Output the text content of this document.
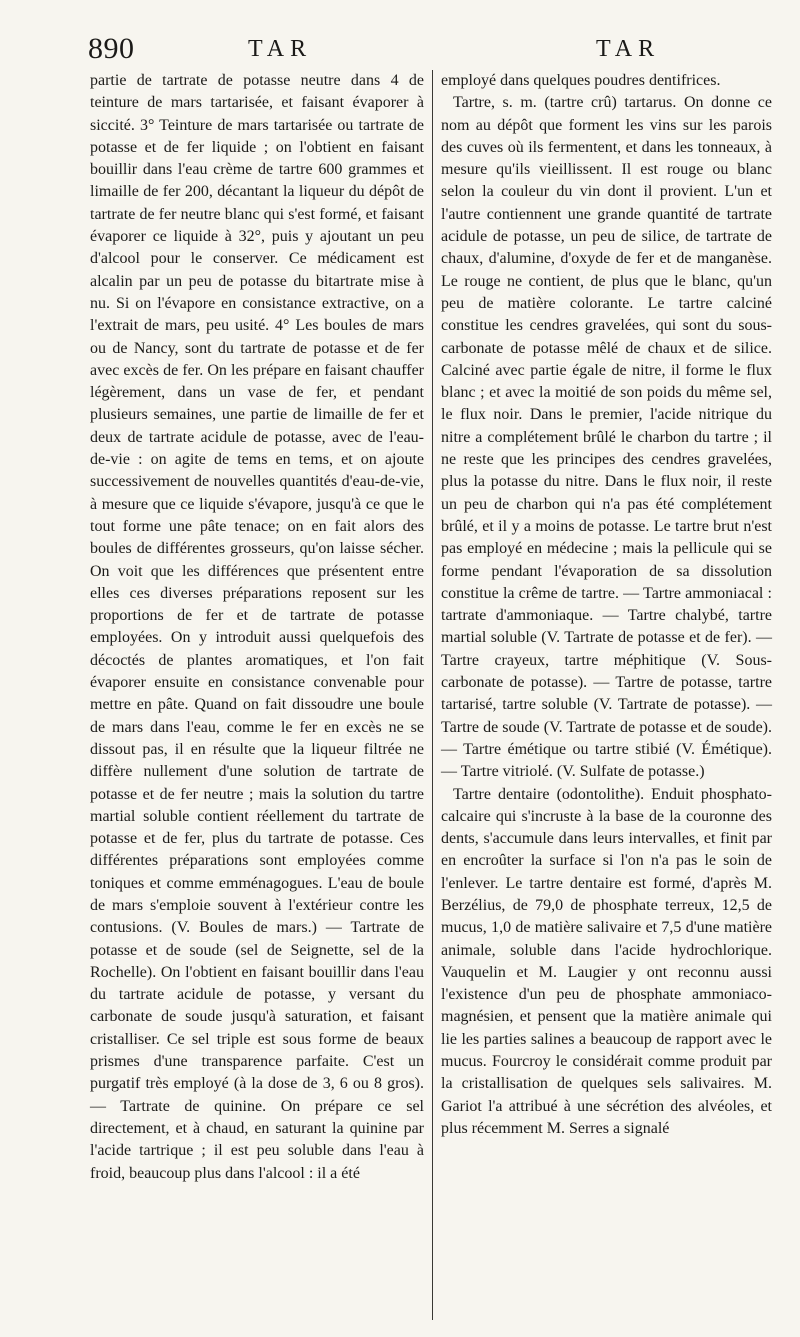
890	TAR	TAR

partie de tartrate de potasse neutre dans 4 de teinture de mars tartarisée, et faisant évaporer à siccité. 3° Teinture de mars tartarisée ou tartrate de potasse et de fer liquide ; on l'obtient en faisant bouillir dans l'eau crème de tartre 600 grammes et limaille de fer 200, décantant la liqueur du dépôt de tartrate de fer neutre blanc qui s'est formé, et faisant évaporer ce liquide à 32°, puis y ajoutant un peu d'alcool pour le conserver. Ce médicament est alcalin par un peu de potasse du bitartrate mise à nu. Si on l'évapore en consistance extractive, on a l'extrait de mars, peu usité. 4° Les boules de mars ou de Nancy, sont du tartrate de potasse et de fer avec excès de fer. On les prépare en faisant chauffer légèrement, dans un vase de fer, et pendant plusieurs semaines, une partie de limaille de fer et deux de tartrate acidule de potasse, avec de l'eau-de-vie : on agite de tems en tems, et on ajoute successivement de nouvelles quantités d'eau-de-vie, à mesure que ce liquide s'évapore, jusqu'à ce que le tout forme une pâte tenace; on en fait alors des boules de différentes grosseurs, qu'on laisse sécher. On voit que les différences que présentent entre elles ces diverses préparations reposent sur les proportions de fer et de tartrate de potasse employées. On y introduit aussi quelquefois des décoctés de plantes aromatiques, et l'on fait évaporer ensuite en consistance convenable pour mettre en pâte. Quand on fait dissoudre une boule de mars dans l'eau, comme le fer en excès ne se dissout pas, il en résulte que la liqueur filtrée ne diffère nullement d'une solution de tartrate de potasse et de fer neutre ; mais la solution du tartre martial soluble contient réellement du tartrate de potasse et de fer, plus du tartrate de potasse. Ces différentes préparations sont employées comme toniques et comme emménagogues. L'eau de boule de mars s'emploie souvent à l'extérieur contre les contusions. (V. Boules de mars.) — Tartrate de potasse et de soude (sel de Seignette, sel de la Rochelle). On l'obtient en faisant bouillir dans l'eau du tartrate acidule de potasse, y versant du carbonate de soude jusqu'à saturation, et faisant cristalliser. Ce sel triple est sous forme de beaux prismes d'une transparence parfaite. C'est un purgatif très employé (à la dose de 3, 6 ou 8 gros). — Tartrate de quinine. On prépare ce sel directement, et à chaud, en saturant la quinine par l'acide tartrique ; il est peu soluble dans l'eau à froid, beaucoup plus dans l'alcool : il a été

employé dans quelques poudres dentifrices.

Tartre, s. m. (tartre crû) tartarus. On donne ce nom au dépôt que forment les vins sur les parois des cuves où ils fermentent, et dans les tonneaux, à mesure qu'ils vieillissent. Il est rouge ou blanc selon la couleur du vin dont il provient. L'un et l'autre contiennent une grande quantité de tartrate acidule de potasse, un peu de silice, de tartrate de chaux, d'alumine, d'oxyde de fer et de manganèse. Le rouge ne contient, de plus que le blanc, qu'un peu de matière colorante. Le tartre calciné constitue les cendres gravelées, qui sont du sous-carbonate de potasse mêlé de chaux et de silice. Calciné avec partie égale de nitre, il forme le flux blanc ; et avec la moitié de son poids du même sel, le flux noir. Dans le premier, l'acide nitrique du nitre a complétement brûlé le charbon du tartre ; il ne reste que les principes des cendres gravelées, plus la potasse du nitre. Dans le flux noir, il reste un peu de charbon qui n'a pas été complétement brûlé, et il y a moins de potasse. Le tartre brut n'est pas employé en médecine ; mais la pellicule qui se forme pendant l'évaporation de sa dissolution constitue la crême de tartre. — Tartre ammoniacal : tartrate d'ammoniaque. — Tartre chalybé, tartre martial soluble (V. Tartrate de potasse et de fer). — Tartre crayeux, tartre méphitique (V. Sous-carbonate de potasse). — Tartre de potasse, tartre tartarisé, tartre soluble (V. Tartrate de potasse). — Tartre de soude (V. Tartrate de potasse et de soude). — Tartre émétique ou tartre stibié (V. Émétique). — Tartre vitriolé. (V. Sulfate de potasse.)

Tartre dentaire (odontolithe). Enduit phosphato-calcaire qui s'incruste à la base de la couronne des dents, s'accumule dans leurs intervalles, et finit par en encroûter la surface si l'on n'a pas le soin de l'enlever. Le tartre dentaire est formé, d'après M. Berzélius, de 79,0 de phosphate terreux, 12,5 de mucus, 1,0 de matière salivaire et 7,5 d'une matière animale, soluble dans l'acide hydrochlorique. Vauquelin et M. Laugier y ont reconnu aussi l'existence d'un peu de phosphate ammoniaco-magnésien, et pensent que la matière animale qui lie les parties salines a beaucoup de rapport avec le mucus. Fourcroy le considérait comme produit par la cristallisation de quelques sels salivaires. M. Gariot l'a attribué à une sécrétion des alvéoles, et plus récemment M. Serres a signalé
